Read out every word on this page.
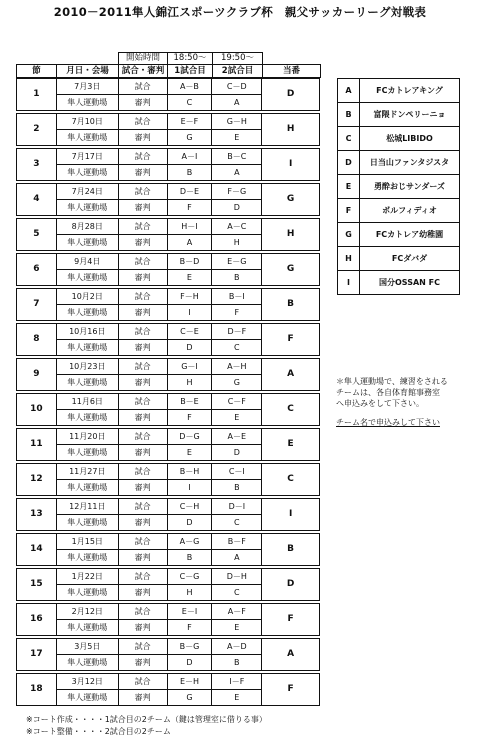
2010－2011隼人錦江スポーツクラブ杯　親父サッカーリーグ対戦表
開始時間	18:50～	19:50～
節	月日・会場	試合・審判	1試合目	2試合目	当番
1	7月3日	試合	A－B	C－D	D
	隼人運動場	審判	C	A	
2	7月10日	試合	E－F	G－H	H
	隼人運動場	審判	G	E	
3	7月17日	試合	A－I	B－C	I
	隼人運動場	審判	B	A	
4	7月24日	試合	D－E	F－G	G
	隼人運動場	審判	F	D	
5	8月28日	試合	H－I	A－C	H
	隼人運動場	審判	A	H	
6	9月4日	試合	B－D	E－G	G
	隼人運動場	審判	E	B	
7	10月2日	試合	F－H	B－I	B
	隼人運動場	審判	I	F	
8	10月16日	試合	C－E	D－F	F
	隼人運動場	審判	D	C	
9	10月23日	試合	G－I	A－H	A
	隼人運動場	審判	H	G	
10	11月6日	試合	B－E	C－F	C
	隼人運動場	審判	F	E	
11	11月20日	試合	D－G	A－E	E
	隼人運動場	審判	E	D	
12	11月27日	試合	B－H	C－I	C
	隼人運動場	審判	I	B	
13	12月11日	試合	C－H	D－I	I
	隼人運動場	審判	D	C	
14	1月15日	試合	A－G	B－F	B
	隼人運動場	審判	B	A	
15	1月22日	試合	C－G	D－H	D
	隼人運動場	審判	H	C	
16	2月12日	試合	E－I	A－F	F
	隼人運動場	審判	F	E	
17	3月5日	試合	B－G	A－D	A
	隼人運動場	審判	D	B	
18	3月12日	試合	E－H	I－F	F
	隼人運動場	審判	G	E	
A	FCカトレアキング
B	富隈ドンペリーニョ
C	松城LIBIDO
D	日当山ファンタジスタ
E	勇酔おじサンダーズ
F	ボルフィディオ
G	FCカトレア幼稚園
H	FCダバダ
I	国分OSSAN FC
＊隼人運動場で、練習をされる
チームは、各自体育館事務室
へ申込みをして下さい。
チーム名で申込みして下さい
※コート作成・・・・1試合目の2チーム（鍵は管理室に借りる事）
※コート整備・・・・2試合目の2チーム
